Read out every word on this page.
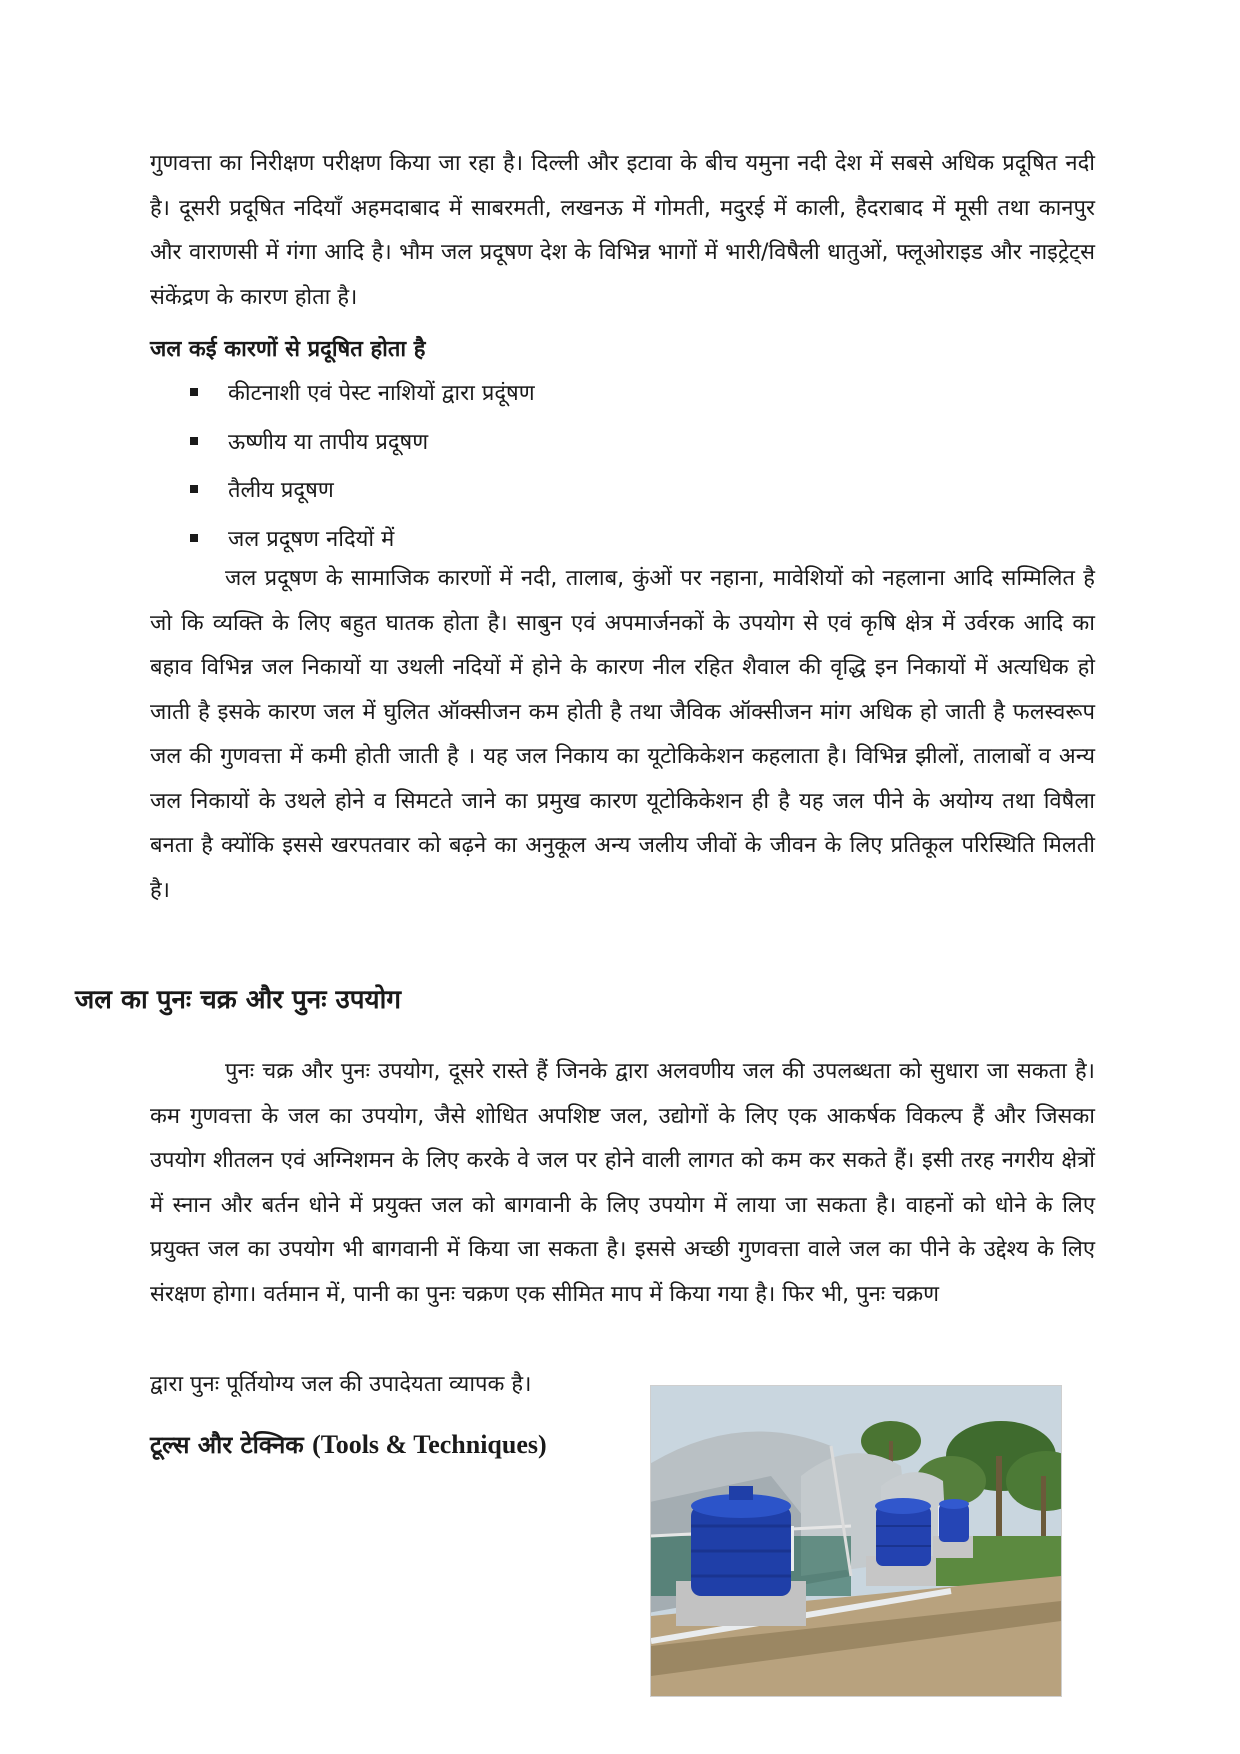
गुणवत्ता का निरीक्षण परीक्षण किया जा रहा है। दिल्ली और इटावा के बीच यमुना नदी देश में सबसे अधिक प्रदूषित नदी है। दूसरी प्रदूषित नदियाँ अहमदाबाद में साबरमती, लखनऊ में गोमती, मदुरई में काली, हैदराबाद में मूसी तथा कानपुर और वाराणसी में गंगा आदि है। भौम जल प्रदूषण देश के विभिन्न भागों में भारी/विषैली धातुओं, फ्लूओराइड और नाइट्रेट्स संकेंद्रण के कारण होता है।

जल कई कारणों से प्रदूषित होता है
कीटनाशी एवं पेस्ट नाशियों द्वारा प्रदूंषण
ऊष्णीय या तापीय प्रदूषण
तैलीय प्रदूषण
जल प्रदूषण नदियों में

जल प्रदूषण के सामाजिक कारणों में नदी, तालाब, कुंओं पर नहाना, मावेशियों को नहलाना आदि सम्मिलित है जो कि व्यक्ति के लिए बहुत घातक होता है। साबुन एवं अपमार्जनकों के उपयोग से एवं कृषि क्षेत्र में उर्वरक आदि का बहाव विभिन्न जल निकायों या उथली नदियों में होने के कारण नील रहित शैवाल की वृद्धि इन निकायों में अत्यधिक हो जाती है इसके कारण जल में घुलित ऑक्सीजन कम होती है तथा जैविक ऑक्सीजन मांग अधिक हो जाती है फलस्वरूप जल की गुणवत्ता में कमी होती जाती है । यह जल निकाय का यूटोकिकेशन कहलाता है। विभिन्न झीलों, तालाबों व अन्य जल निकायों के उथले होने व सिमटते जाने का प्रमुख कारण यूटोकिकेशन ही है यह जल पीने के अयोग्य तथा विषैला बनता है क्योंकि इससे खरपतवार को बढ़ने का अनुकूल अन्य जलीय जीवों के जीवन के लिए प्रतिकूल परिस्थिति मिलती है।

जल का पुनः चक्र और पुनः उपयोग

पुनः चक्र और पुनः उपयोग, दूसरे रास्ते हैं जिनके द्वारा अलवणीय जल की उपलब्धता को सुधारा जा सकता है। कम गुणवत्ता के जल का उपयोग, जैसे शोधित अपशिष्ट जल, उद्योगों के लिए एक आकर्षक विकल्प हैं और जिसका उपयोग शीतलन एवं अग्निशमन के लिए करके वे जल पर होने वाली लागत को कम कर सकते हैं। इसी तरह नगरीय क्षेत्रों में स्नान और बर्तन धोने में प्रयुक्त जल को बागवानी के लिए उपयोग में लाया जा सकता है। वाहनों को धोने के लिए प्रयुक्त जल का उपयोग भी बागवानी में किया जा सकता है। इससे अच्छी गुणवत्ता वाले जल का पीने के उद्देश्य के लिए संरक्षण होगा। वर्तमान में, पानी का पुनः चक्रण एक सीमित माप में किया गया है। फिर भी, पुनः चक्रण

द्वारा पुनः पूर्तियोग्य जल की उपादेयता व्यापक है।

टूल्स और टेक्निक (Tools & Techniques)
